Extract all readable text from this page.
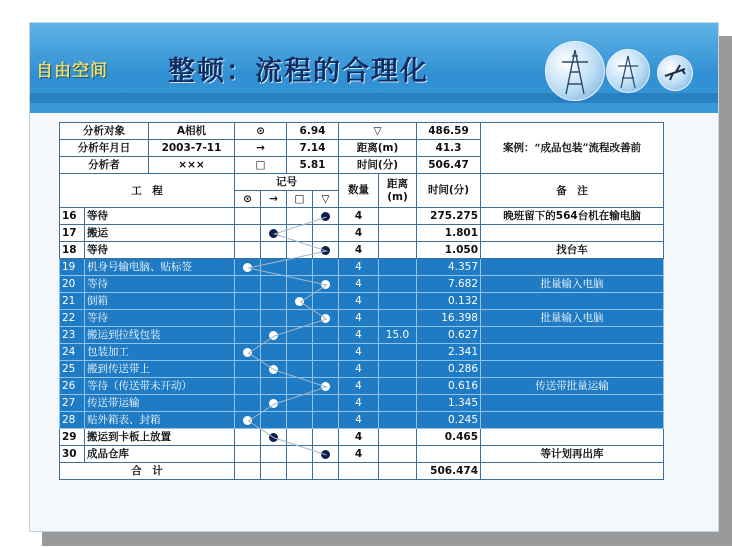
自由空间 整顿：流程的合理化
分析对象 A相机		⊙		6.94		▽		486.59	案例：“成品包装”流程改善前

分析年月日 2003-7-11		→		7.14		距离(m)		41.3	

分析者 ×××		□		5.81		时间(分)		506.47	
工　程		记号				数量	距离(m)	时间(分)	备　注
		⊙	→	□	▽				
16	等待					4		275.275	晚班留下的564台机在输电脑
17	搬运					4		1.801	
18	等待					4		1.050	找台车
19	机身号输电脑、贴标签					4		4.357	
20	等待					4		7.682	批量输入电脑
21	倒箱					4		0.132	
22	等待					4		16.398	批量输入电脑
23	搬运到拉线包装					4	15.0	0.627	
24	包装加工					4		2.341	
25	搬到传送带上					4		0.286	
26	等待（传送带未开动）					4		0.616	传送带批量运输
27	传送带运输					4		1.345	
28	贴外箱表、封箱					4		0.245	
29	搬运到卡板上放置					4		0.465	
30	成品仓库					4			等计划再出库
合　计								506.474	
